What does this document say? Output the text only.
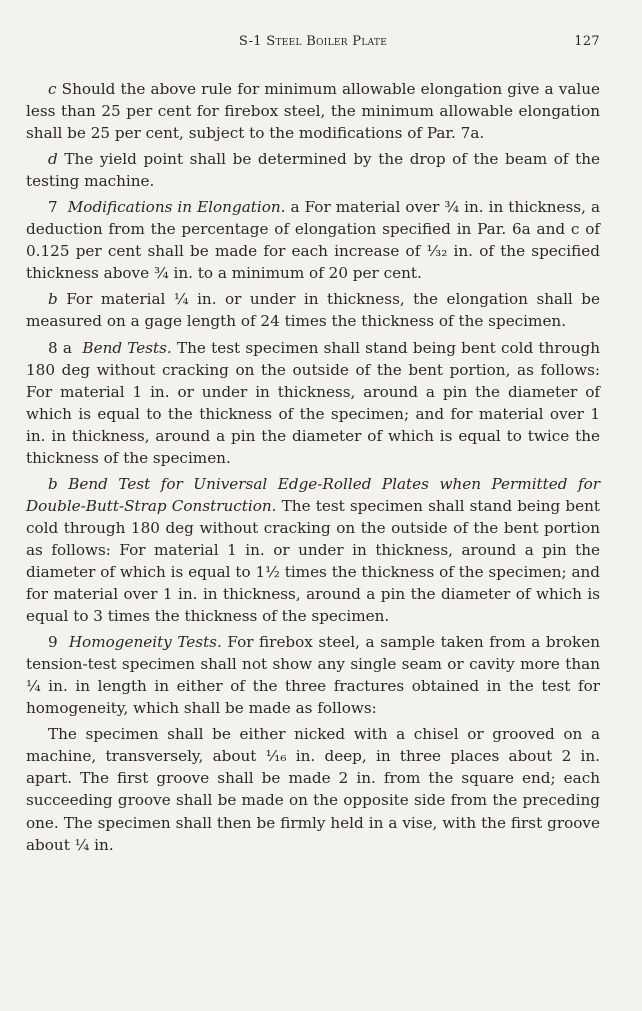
S-1 Steel Boiler Plate	127

c Should the above rule for minimum allowable elongation give a value less than 25 per cent for firebox steel, the minimum allowable elongation shall be 25 per cent, subject to the modifications of Par. 7a.

d The yield point shall be determined by the drop of the beam of the testing machine.

7 Modifications in Elongation. a For material over ¾ in. in thickness, a deduction from the percentage of elongation specified in Par. 6a and c of 0.125 per cent shall be made for each increase of ¹⁄₃₂ in. of the specified thickness above ¾ in. to a minimum of 20 per cent.

b For material ¼ in. or under in thickness, the elongation shall be measured on a gage length of 24 times the thickness of the specimen.

8 a Bend Tests. The test specimen shall stand being bent cold through 180 deg without cracking on the outside of the bent portion, as follows: For material 1 in. or under in thickness, around a pin the diameter of which is equal to the thickness of the specimen; and for material over 1 in. in thickness, around a pin the diameter of which is equal to twice the thickness of the specimen.

b Bend Test for Universal Edge-Rolled Plates when Permitted for Double-Butt-Strap Construction. The test specimen shall stand being bent cold through 180 deg without cracking on the outside of the bent portion as follows: For material 1 in. or under in thickness, around a pin the diameter of which is equal to 1½ times the thickness of the specimen; and for material over 1 in. in thickness, around a pin the diameter of which is equal to 3 times the thickness of the specimen.

9 Homogeneity Tests. For firebox steel, a sample taken from a broken tension-test specimen shall not show any single seam or cavity more than ¼ in. in length in either of the three fractures obtained in the test for homogeneity, which shall be made as follows:

The specimen shall be either nicked with a chisel or grooved on a machine, transversely, about ¹⁄₁₆ in. deep, in three places about 2 in. apart. The first groove shall be made 2 in. from the square end; each succeeding groove shall be made on the opposite side from the preceding one. The specimen shall then be firmly held in a vise, with the first groove about ¼ in.
